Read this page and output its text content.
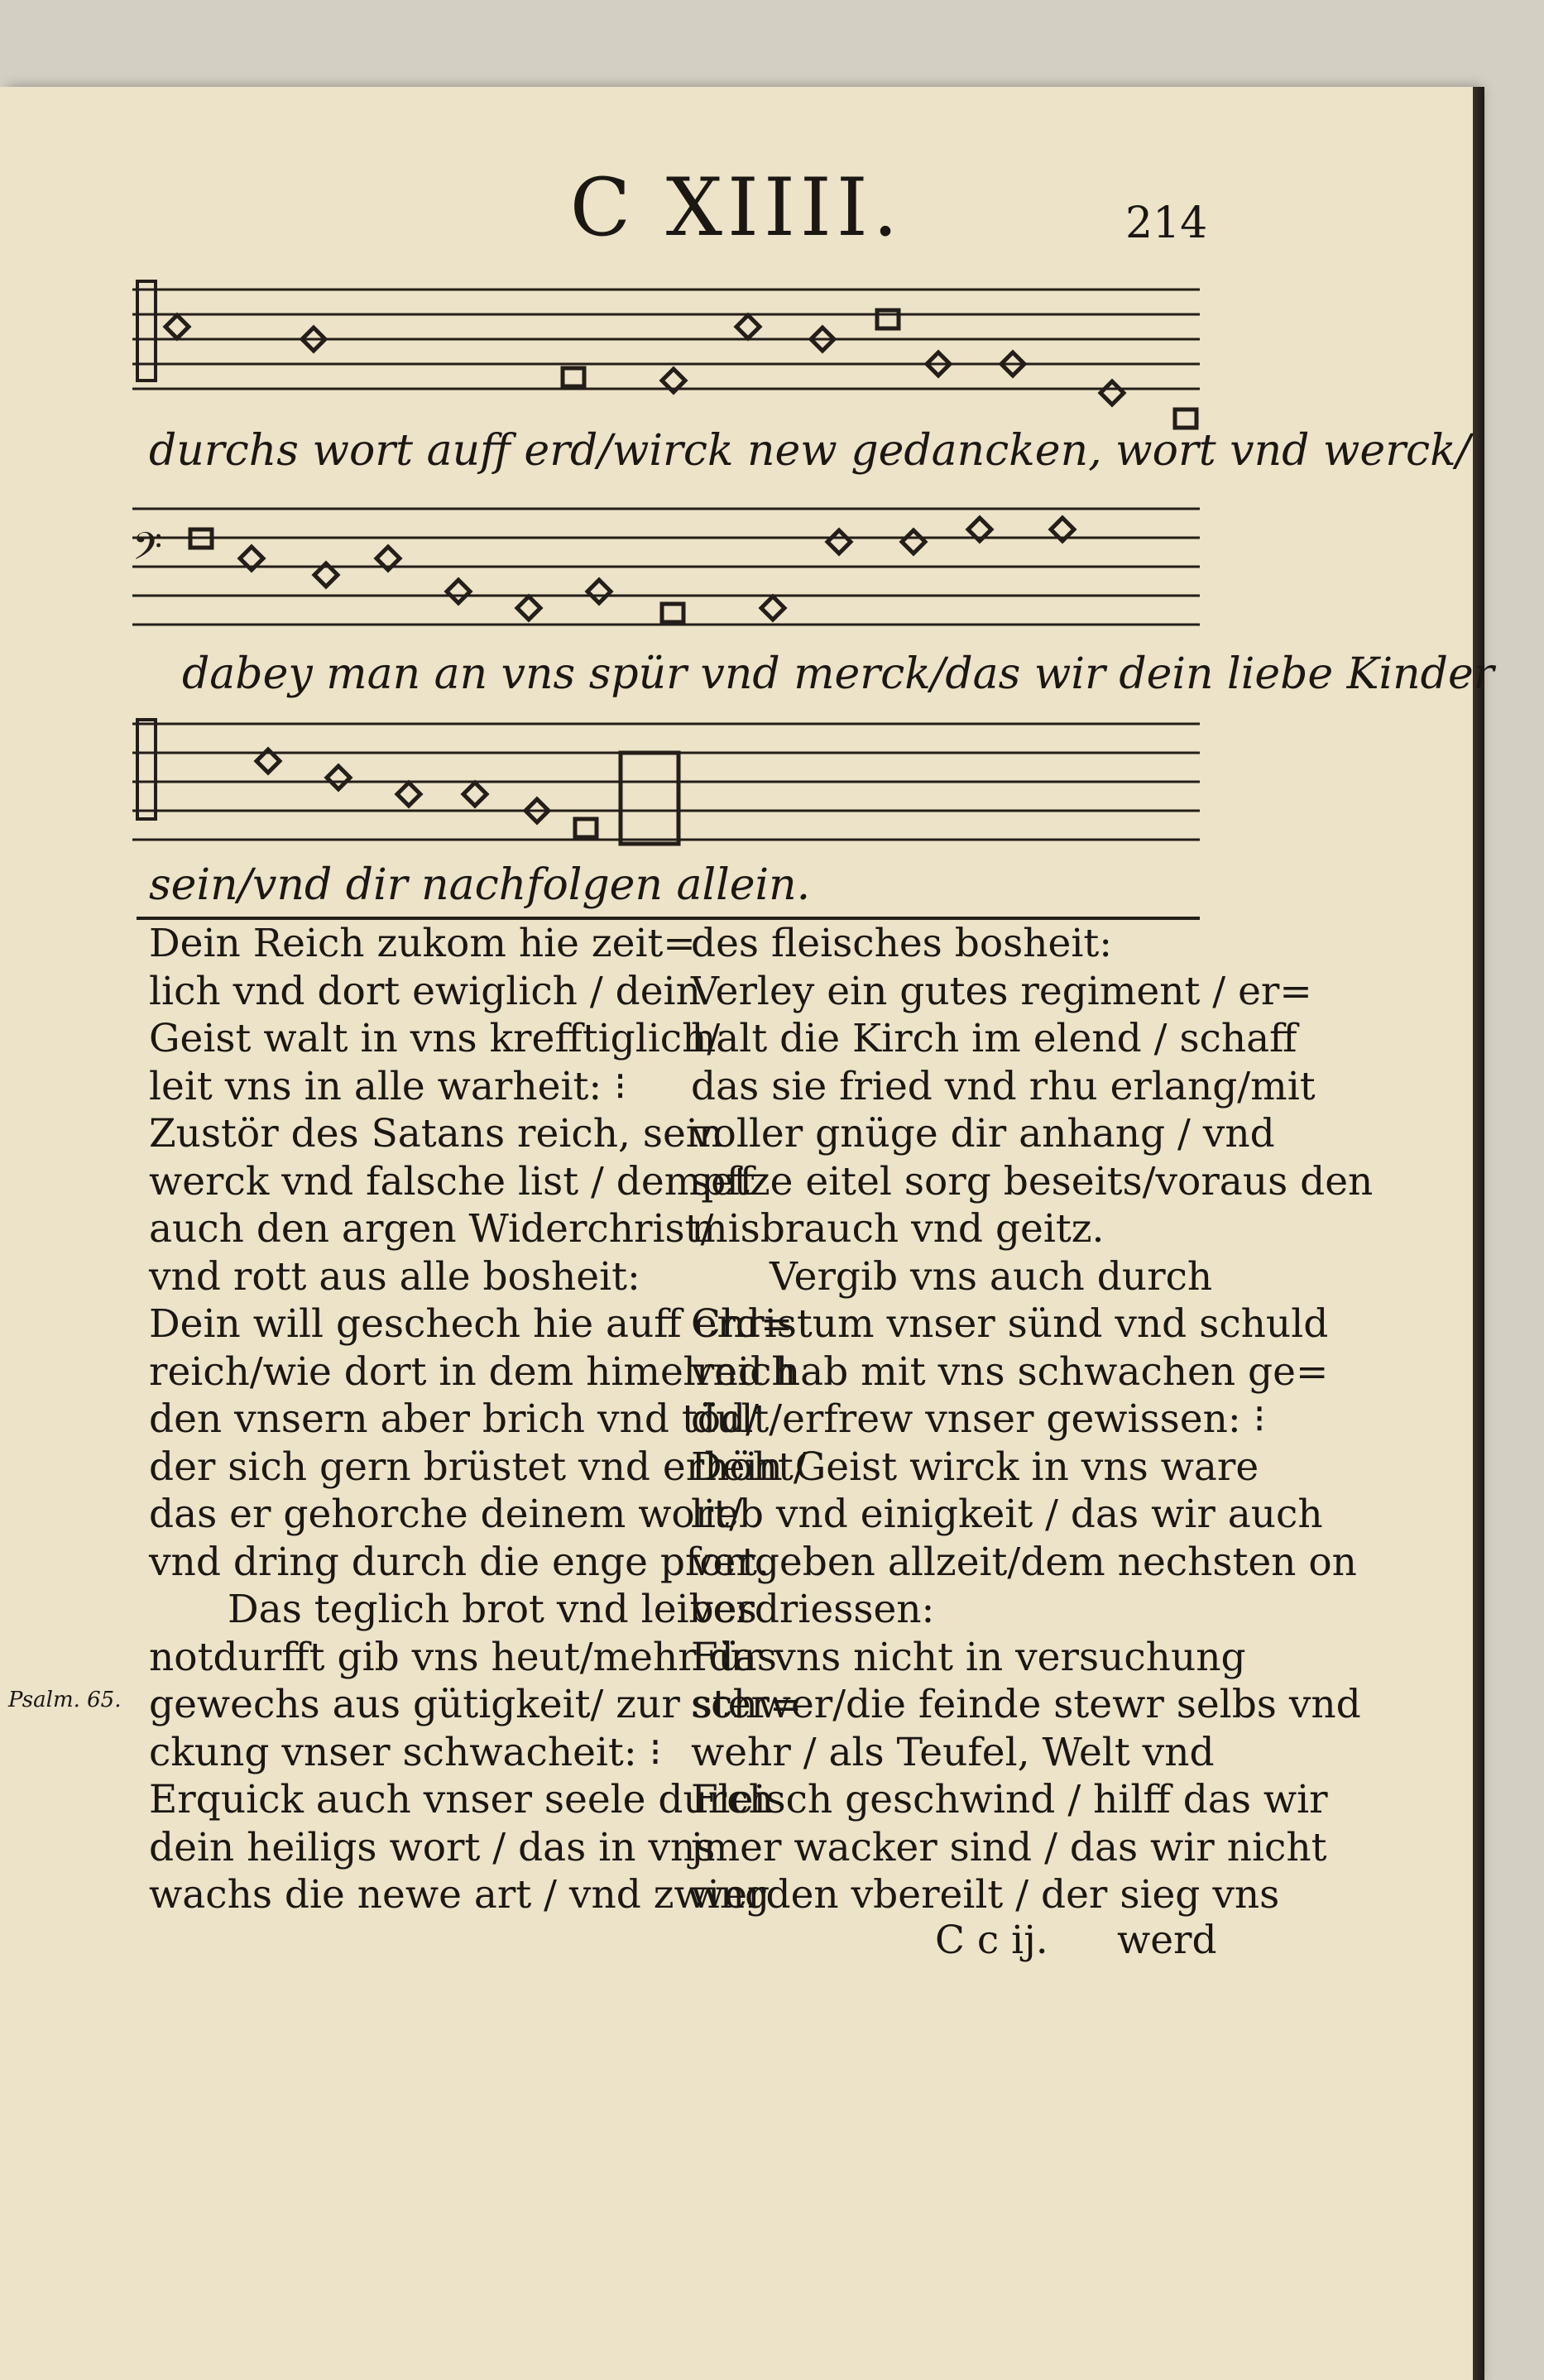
C XIIII.	214
durchs wort auff erd/wirck new gedancken, wort vnd werck/
𝄢
dabey man an vns spür vnd merck/das wir dein liebe Kinder
sein/vnd dir nachfolgen allein.
Dein Reich zukom hie zeit=
lich vnd dort ewiglich / dein
Geist walt in vns krefftiglich/
leit vns in alle warheit: ⁝
Zustör des Satans reich, sein
werck vnd falsche list / dempff
auch den argen Widerchrist/
vnd rott aus alle bosheit:
Dein will geschech hie auff erd=
reich/wie dort in dem himelreich
den vnsern aber brich vnd töd/
der sich gern brüstet vnd erhöht/
das er gehorche deinem wort/
vnd dring durch die enge pfort.
Das teglich brot vnd leibes
notdurfft gib vns heut/mehr das
gewechs aus gütigkeit/ zur ster=
ckung vnser schwacheit: ⁝
Erquick auch vnser seele durch
dein heiligs wort / das in vns
wachs die newe art / vnd zwing
des fleisches bosheit:
Verley ein gutes regiment / er=
halt die Kirch im elend / schaff
das sie fried vnd rhu erlang/mit
voller gnüge dir anhang / vnd
setze eitel sorg beseits/voraus den
misbrauch vnd geitz.
Vergib vns auch durch
Christum vnser sünd vnd schuld
vnd hab mit vns schwachen ge=
dult/erfrew vnser gewissen: ⁝
Dein Geist wirck in vns ware
lieb vnd einigkeit / das wir auch
vergeben allzeit/dem nechsten on
verdriessen:
Für vns nicht in versuchung
schwer/die feinde stewr selbs vnd
wehr / als Teufel, Welt vnd
Fleisch geschwind / hilff das wir
jmer wacker sind / das wir nicht
werden vbereilt / der sieg vns
Psalm. 65.
C c ij. werd
